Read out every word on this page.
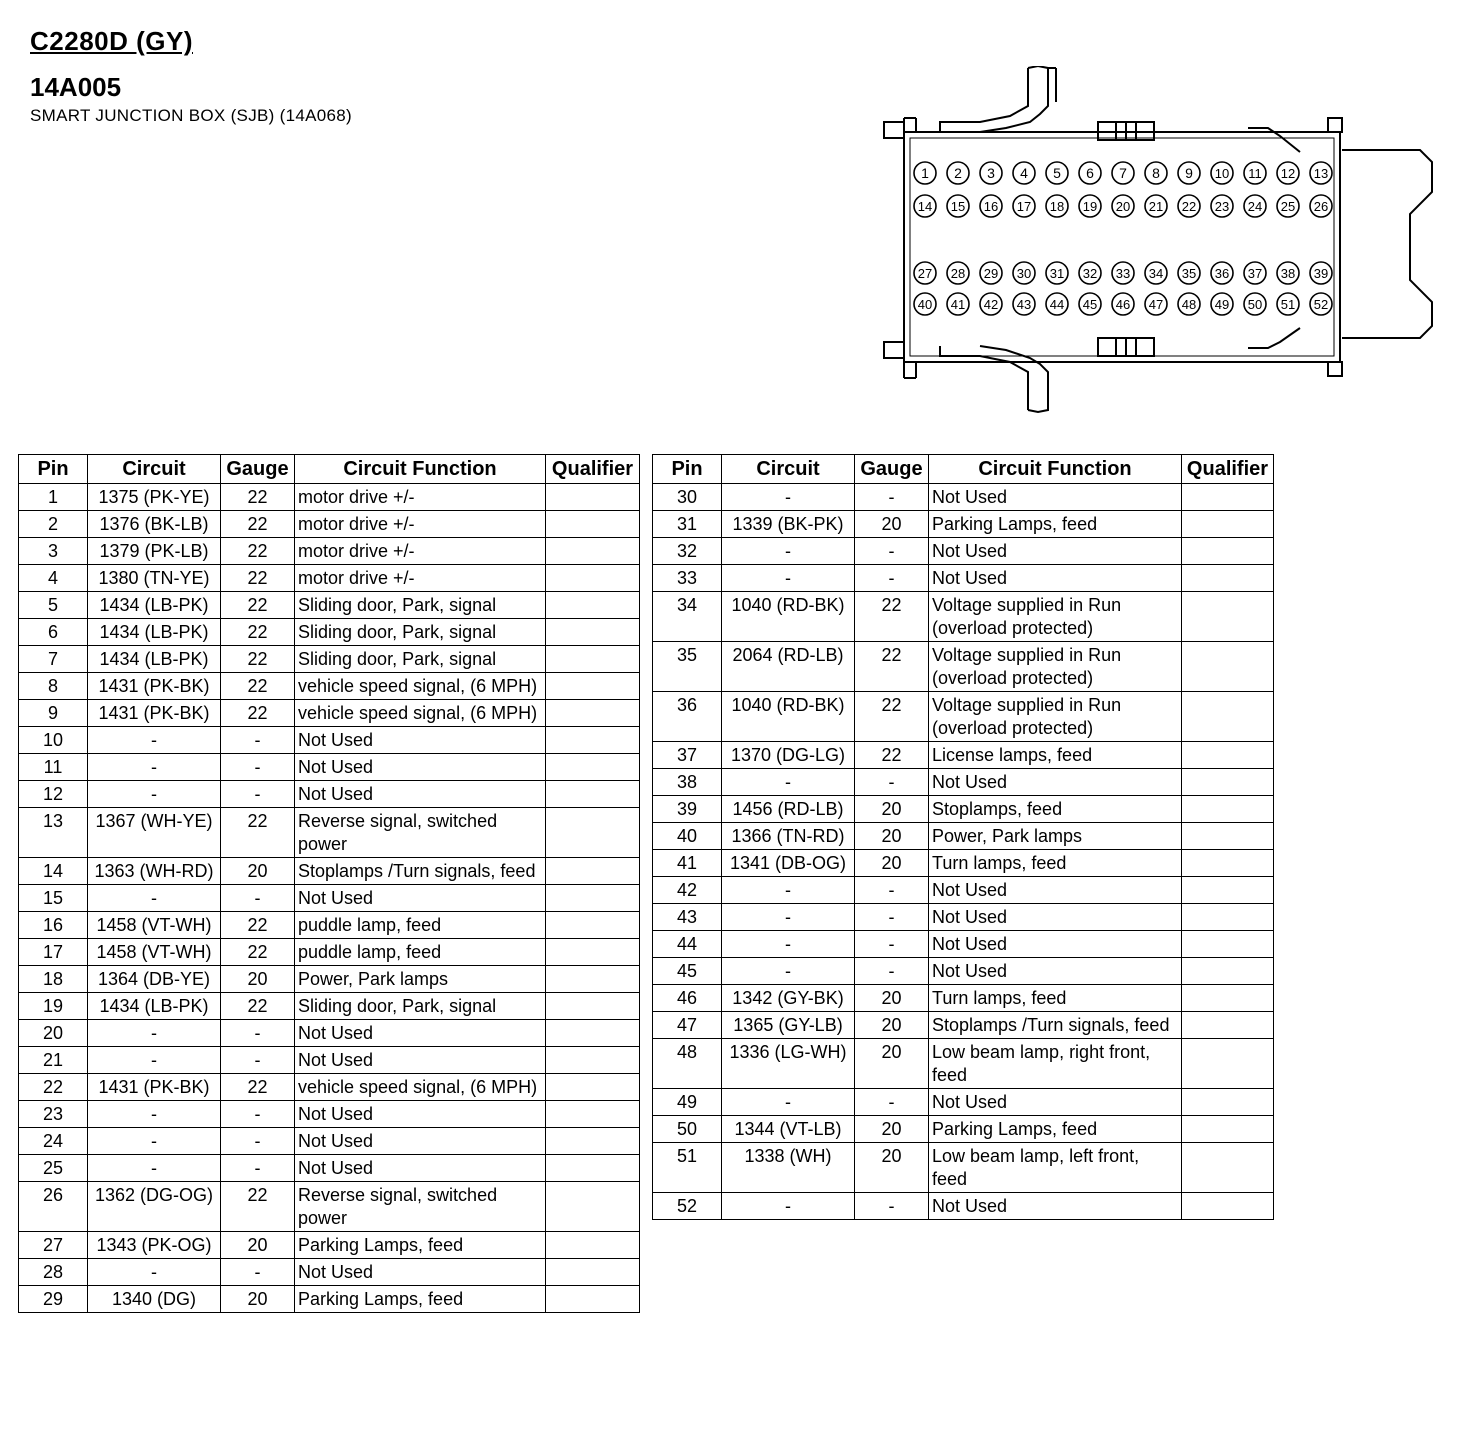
C2280D (GY)
14A005
SMART JUNCTION BOX (SJB) (14A068)
1 2 3 4 5 6 7 8 9 10 11 12 13
14 15 16 17 18 19 20 21 22 23 24 25 26
27 28 29 30 31 32 33 34 35 36 37 38 39
40 41 42 43 44 45 46 47 48 49 50 51 52
Pin	Circuit	Gauge	Circuit Function	Qualifier
1	1375 (PK-YE)	22	motor drive +/-	
2	1376 (BK-LB)	22	motor drive +/-	
3	1379 (PK-LB)	22	motor drive +/-	
4	1380 (TN-YE)	22	motor drive +/-	
5	1434 (LB-PK)	22	Sliding door, Park, signal	
6	1434 (LB-PK)	22	Sliding door, Park, signal	
7	1434 (LB-PK)	22	Sliding door, Park, signal	
8	1431 (PK-BK)	22	vehicle speed signal, (6 MPH)	
9	1431 (PK-BK)	22	vehicle speed signal, (6 MPH)	
10	-	-	Not Used	
11	-	-	Not Used	
12	-	-	Not Used	
13	1367 (WH-YE)	22	Reverse signal, switched power	
14	1363 (WH-RD)	20	Stoplamps /Turn signals, feed	
15	-	-	Not Used	
16	1458 (VT-WH)	22	puddle lamp, feed	
17	1458 (VT-WH)	22	puddle lamp, feed	
18	1364 (DB-YE)	20	Power, Park lamps	
19	1434 (LB-PK)	22	Sliding door, Park, signal	
20	-	-	Not Used	
21	-	-	Not Used	
22	1431 (PK-BK)	22	vehicle speed signal, (6 MPH)	
23	-	-	Not Used	
24	-	-	Not Used	
25	-	-	Not Used	
26	1362 (DG-OG)	22	Reverse signal, switched power	
27	1343 (PK-OG)	20	Parking Lamps, feed	
28	-	-	Not Used	
29	1340 (DG)	20	Parking Lamps, feed	
Pin	Circuit	Gauge	Circuit Function	Qualifier
30	-	-	Not Used	
31	1339 (BK-PK)	20	Parking Lamps, feed	
32	-	-	Not Used	
33	-	-	Not Used	
34	1040 (RD-BK)	22	Voltage supplied in Run (overload protected)	
35	2064 (RD-LB)	22	Voltage supplied in Run (overload protected)	
36	1040 (RD-BK)	22	Voltage supplied in Run (overload protected)	
37	1370 (DG-LG)	22	License lamps, feed	
38	-	-	Not Used	
39	1456 (RD-LB)	20	Stoplamps, feed	
40	1366 (TN-RD)	20	Power, Park lamps	
41	1341 (DB-OG)	20	Turn lamps, feed	
42	-	-	Not Used	
43	-	-	Not Used	
44	-	-	Not Used	
45	-	-	Not Used	
46	1342 (GY-BK)	20	Turn lamps, feed	
47	1365 (GY-LB)	20	Stoplamps /Turn signals, feed	
48	1336 (LG-WH)	20	Low beam lamp, right front, feed	
49	-	-	Not Used	
50	1344 (VT-LB)	20	Parking Lamps, feed	
51	1338 (WH)	20	Low beam lamp, left front, feed	
52	-	-	Not Used	
